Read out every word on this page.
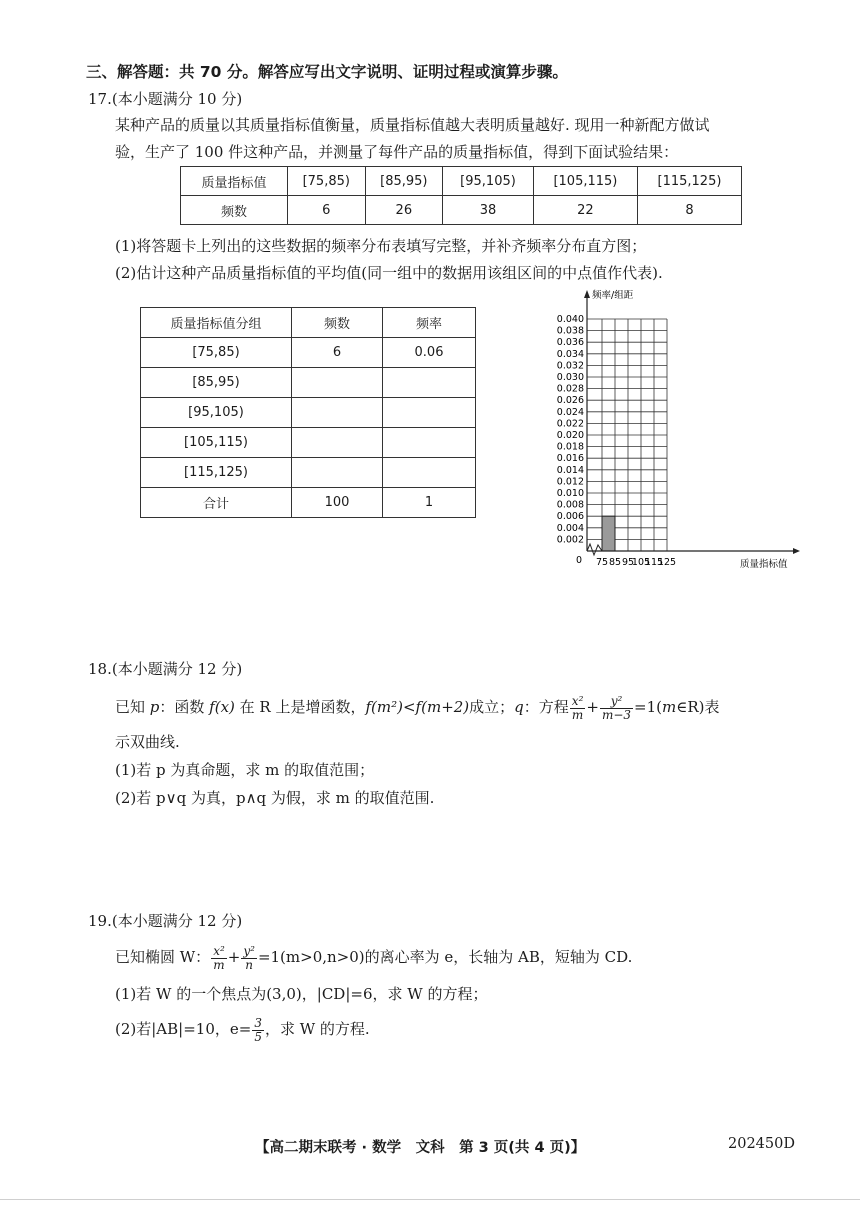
三、解答题：共 70 分。解答应写出文字说明、证明过程或演算步骤。
17.(本小题满分 10 分)
某种产品的质量以其质量指标值衡量，质量指标值越大表明质量越好. 现用一种新配方做试
验，生产了 100 件这种产品，并测量了每件产品的质量指标值，得到下面试验结果：
质量指标值	[75,85)	[85,95)	[95,105)	[105,115)	[115,125)
频数	6	26	38	22	8
(1)将答题卡上列出的这些数据的频率分布表填写完整，并补齐频率分布直方图；
(2)估计这种产品质量指标值的平均值(同一组中的数据用该组区间的中点值作代表).
质量指标值分组	频数	频率
[75,85)	6	0.06
[85,95)		
[95,105)		
[105,115)		
[115,125)		
合计	100	1
0.002
0.004
0.006
0.008
0.010
0.012
0.014
0.016
0.018
0.020
0.022
0.024
0.026
0.028
0.030
0.032
0.034
0.036
0.038
0.040
75 85 95
105
115
125
频率/组距
质量指标值
0
18.(本小题满分 12 分)
已知 p：函数 f(x) 在 R 上是增函数，f(m²)<f(m+2)成立；q：方程 $\frac{\text{x²}}{m} + \frac{\text{y²}}{m-3}$ =1(m∈R)表
示双曲线.
(1)若 p 为真命题，求 m 的取值范围；
(2)若 p∨q 为真，p∧q 为假，求 m 的取值范围.
19.(本小题满分 12 分)
已知椭圆 W： $\frac{\text{x²}}{m} + \frac{\text{y²}}{n} =1(m>0,n>0)$的离心率为 e，长轴为 AB，短轴为 CD.
(1)若 W 的一个焦点为(3,0)，|CD|=6，求 W 的方程；
(2)若|AB|=10，$e= \frac{3}{5}$ ，求 W 的方程.
【高二期末联考 · 数学　文科　第 3 页(共 4 页)】	202450D
